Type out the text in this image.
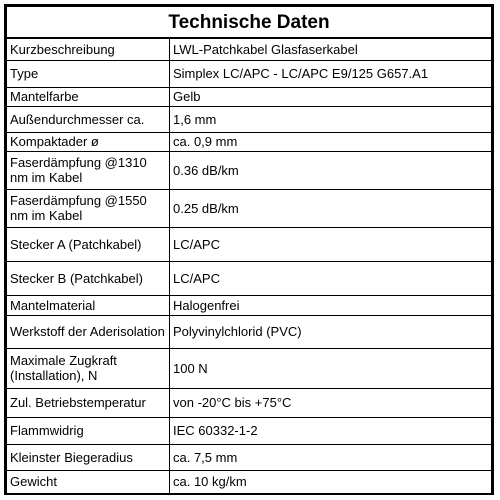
Technische Daten	
Kurzbeschreibung	LWL-Patchkabel Glasfaserkabel
Type	Simplex LC/APC - LC/APC E9/125 G657.A1
Mantelfarbe	Gelb
Außendurchmesser ca.	1,6 mm
Kompaktader ø	ca. 0,9 mm
Faserdämpfung @1310 nm im Kabel	0.36 dB/km
Faserdämpfung @1550 nm im Kabel	0.25 dB/km
Stecker A (Patchkabel)	LC/APC
Stecker B (Patchkabel)	LC/APC
Mantelmaterial	Halogenfrei
Werkstoff der Aderisolation	Polyvinylchlorid (PVC)
Maximale Zugkraft (Installation), N	100 N
Zul. Betriebstemperatur	von -20°C bis +75°C
Flammwidrig	IEC 60332-1-2
Kleinster Biegeradius	ca. 7,5 mm
Gewicht	ca. 10 kg/km
